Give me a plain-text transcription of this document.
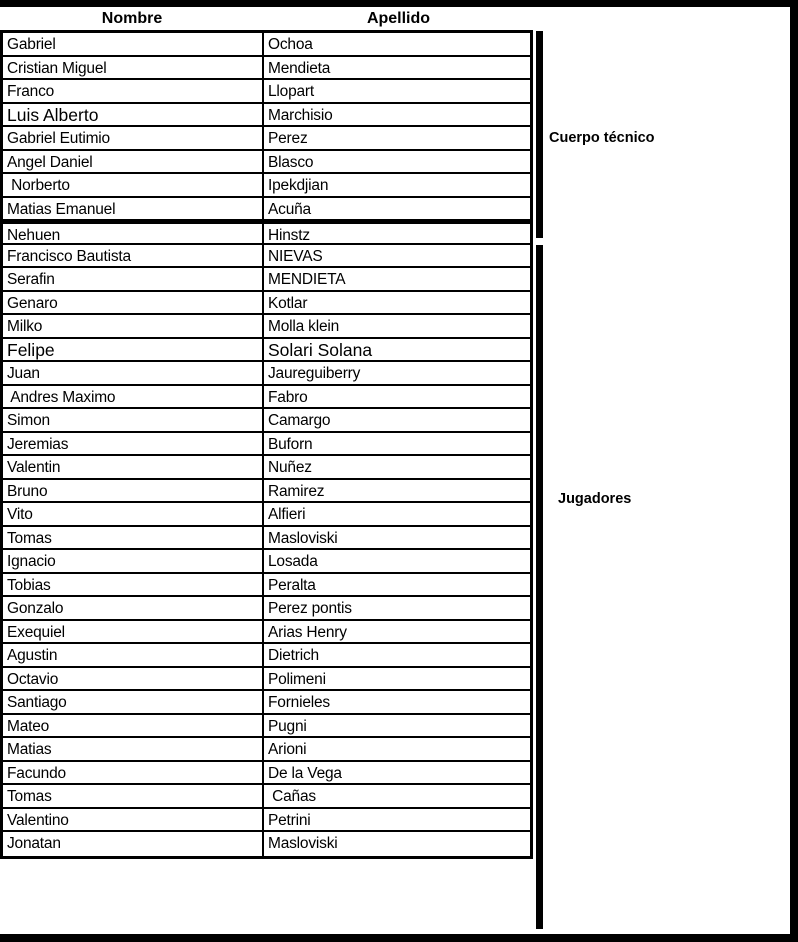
Nombre	Apellido
Gabriel	Ochoa
Cristian Miguel	Mendieta
Franco	Llopart
Luis Alberto	Marchisio
Gabriel Eutimio	Perez
Angel Daniel	Blasco
Norberto	Ipekdjian
Matias Emanuel	Acuña
Nehuen	Hinstz
Francisco Bautista	NIEVAS
Serafin	MENDIETA
Genaro	Kotlar
Milko	Molla klein
Felipe	Solari Solana
Juan	Jaureguiberry
Andres Maximo	Fabro
Simon	Camargo
Jeremias	Buforn
Valentin	Nuñez
Bruno	Ramirez
Vito	Alfieri
Tomas	Masloviski
Ignacio	Losada
Tobias	Peralta
Gonzalo	Perez pontis
Exequiel	Arias Henry
Agustin	Dietrich
Octavio	Polimeni
Santiago	Fornieles
Mateo	Pugni
Matias	Arioni
Facundo	De la Vega
Tomas	Cañas
Valentino	Petrini
Jonatan	Masloviski
Cuerpo técnico
Jugadores
